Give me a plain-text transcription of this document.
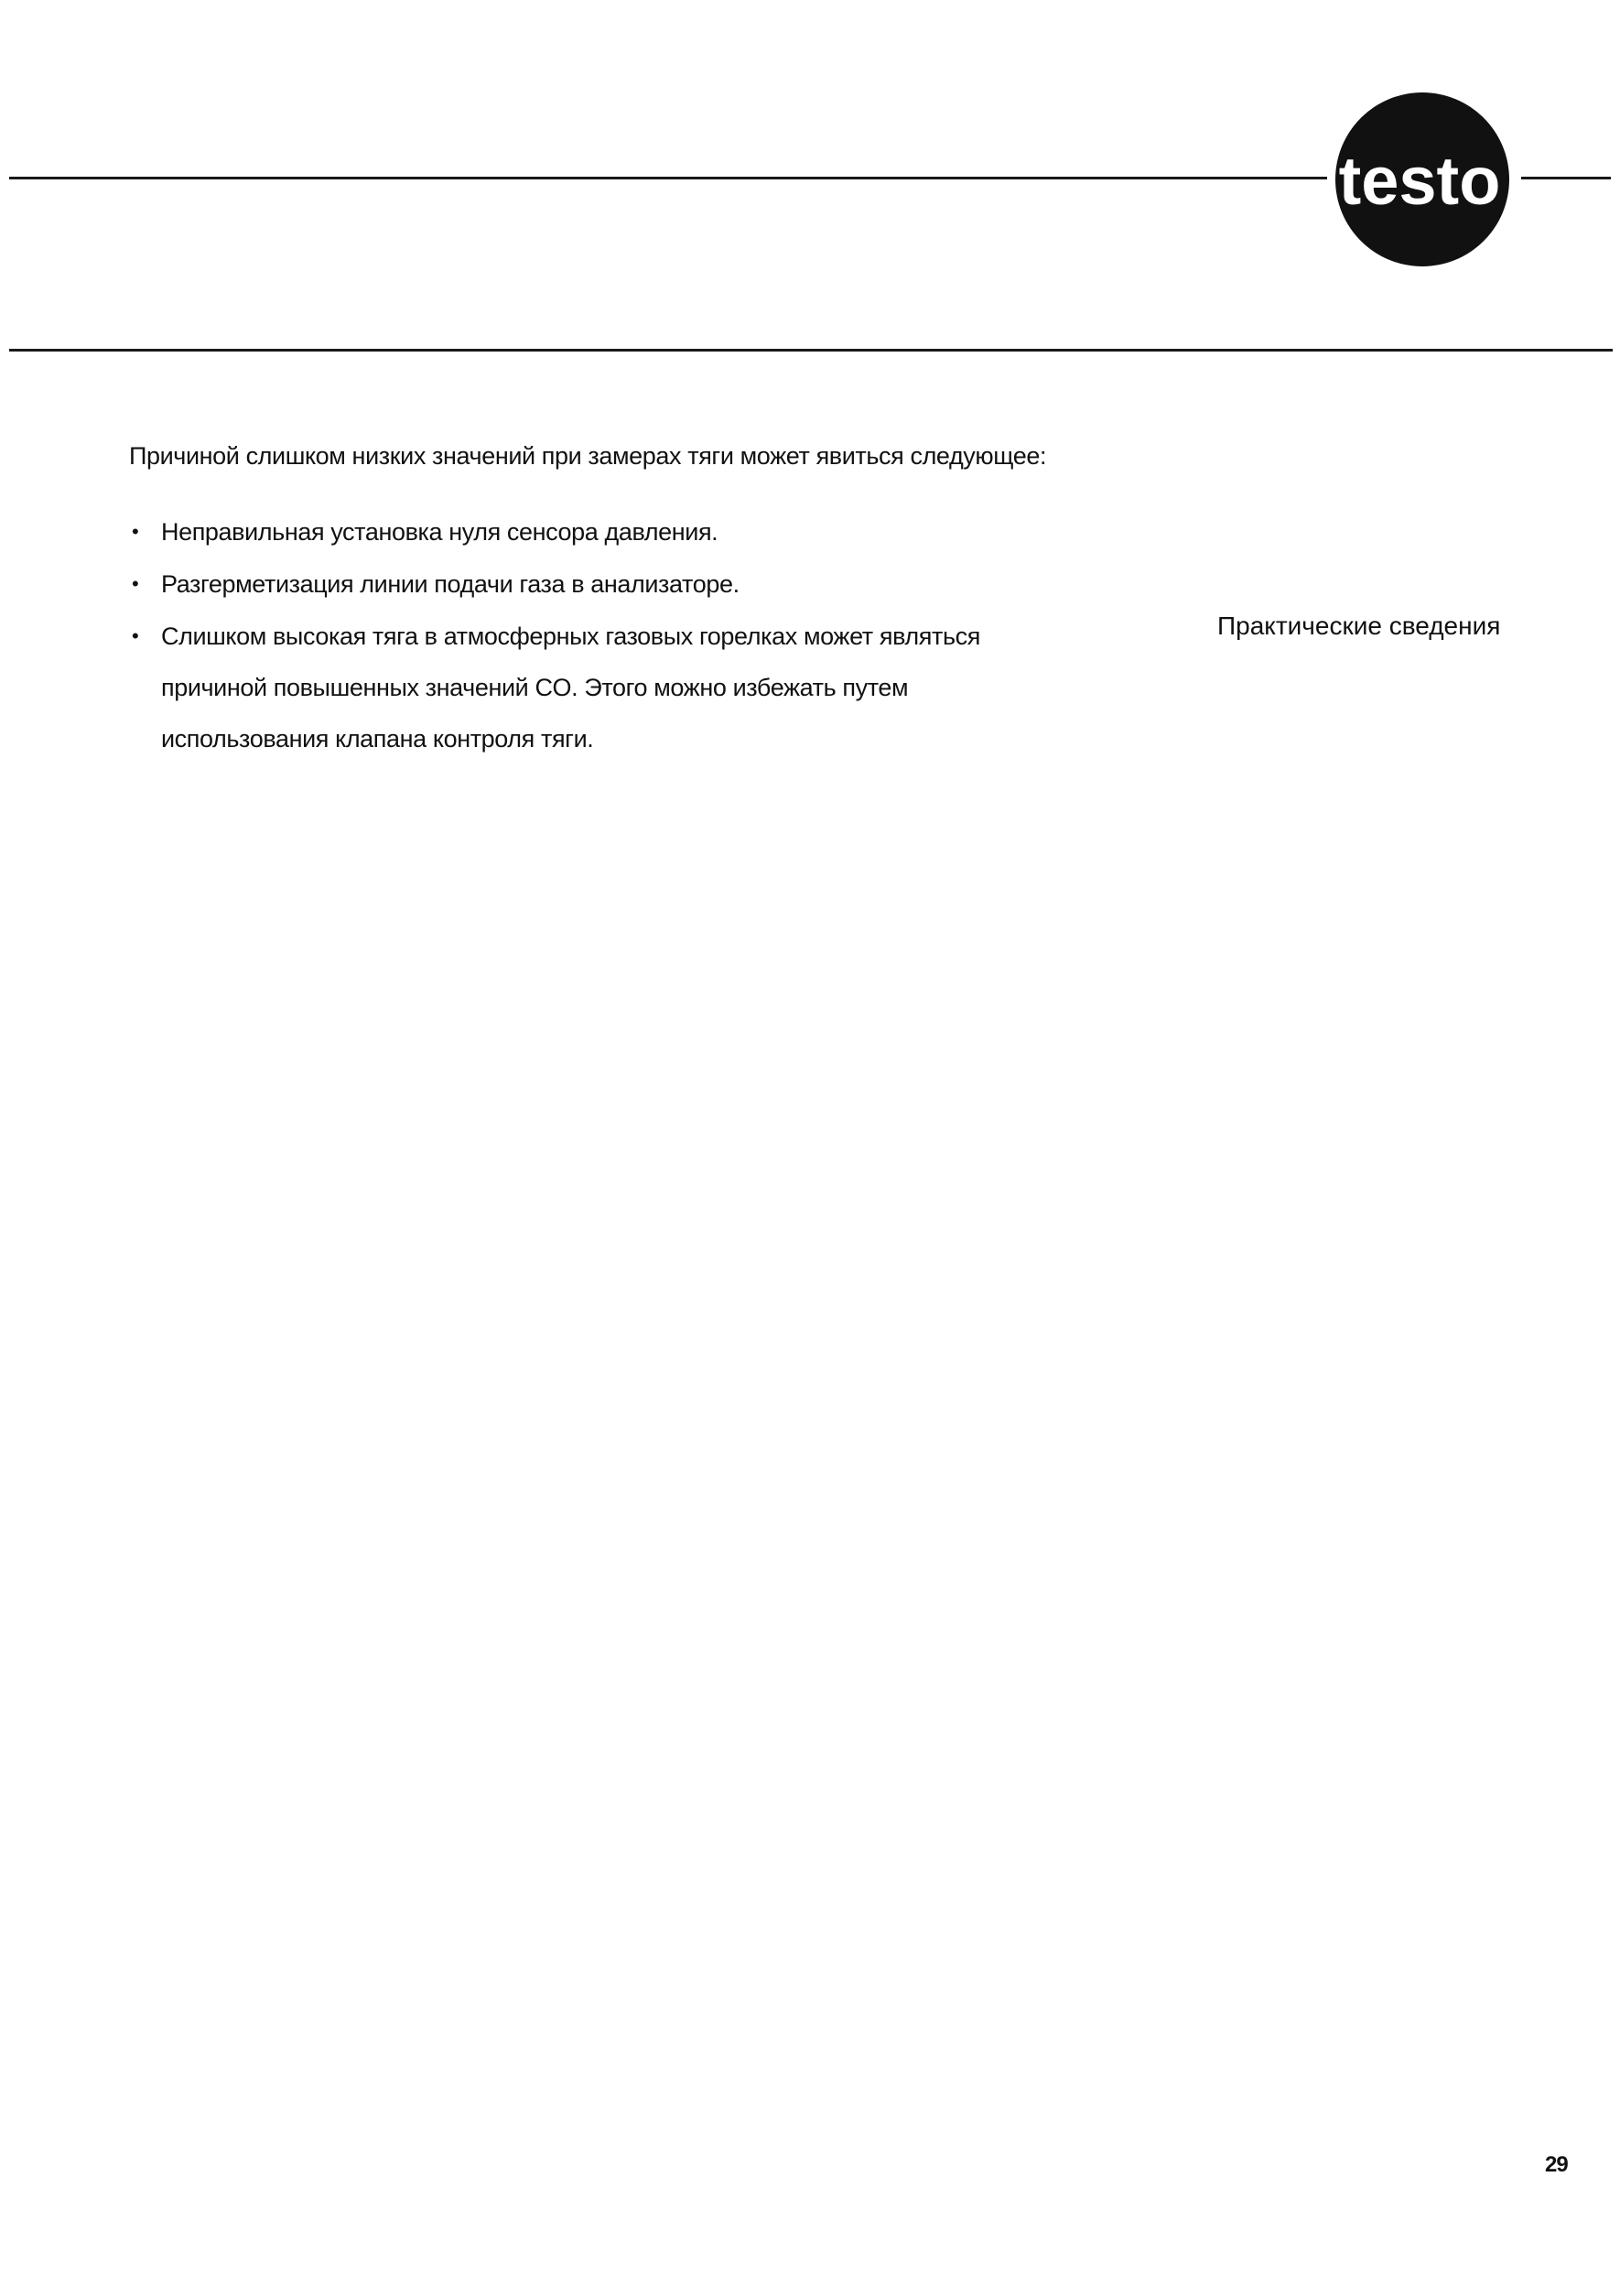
testo
Причиной слишком низких значений при замерах тяги может явиться следующее:
• Неправильная установка нуля сенсора давления.
• Разгерметизация линии подачи газа в анализаторе.
• Слишком высокая тяга в атмосферных газовых горелках может являться причиной повышенных значений CO. Этого можно избежать путем использования клапана контроля тяги.
Практические сведения
29
